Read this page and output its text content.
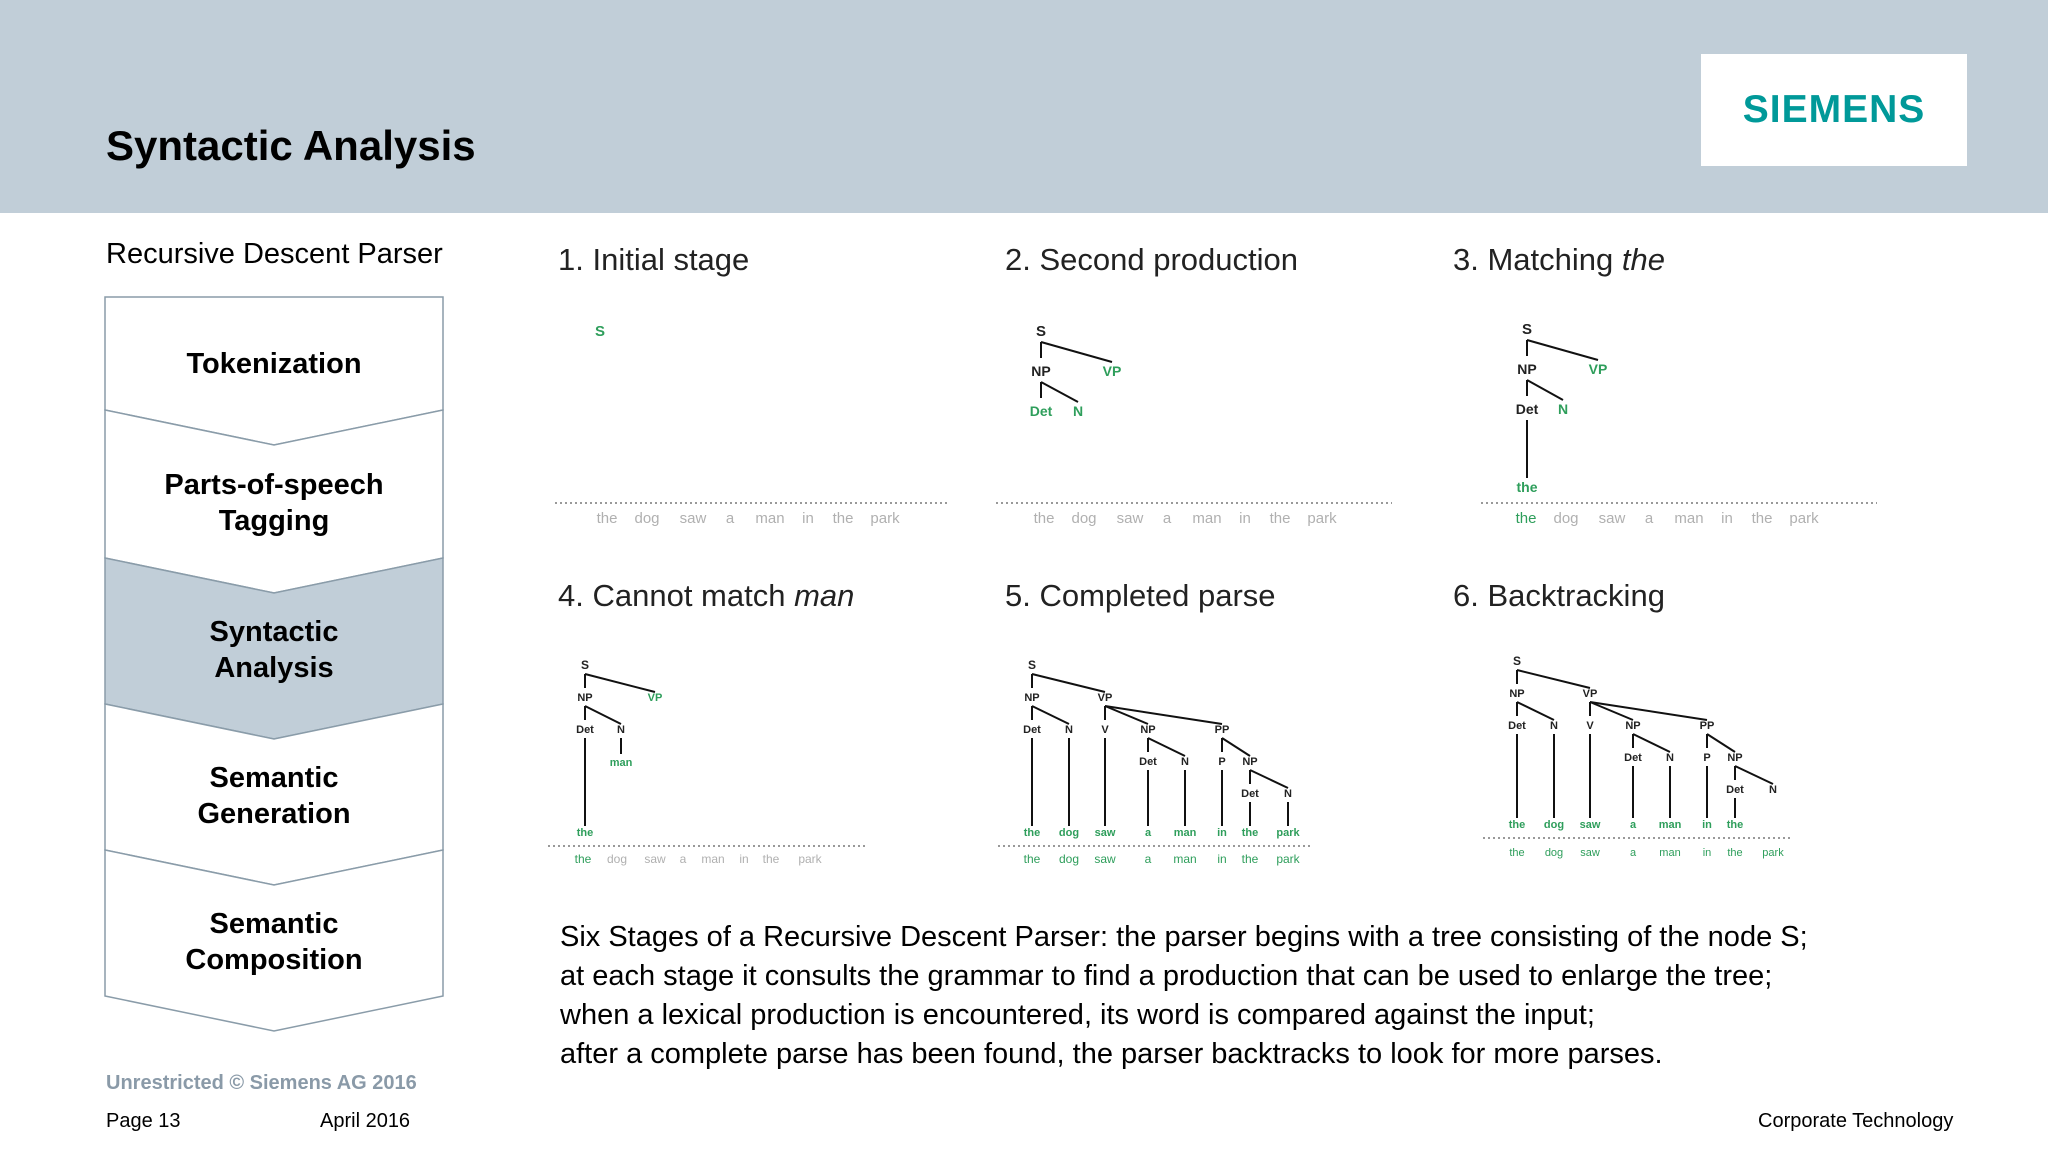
Syntactic Analysis
SIEMENS
Recursive Descent Parser
Tokenization
Parts-of-speech
Tagging
Syntactic
Analysis
Semantic
Generation
Semantic
Composition
1. Initial stage	2. Second production	3. Matching the
4. Cannot match man	5. Completed parse	6. Backtracking
S
the dog saw a man in the park
S
NP	VP
Det N
the dog saw a man in the park
S
NP	VP
Det N
the
the dog saw a man in the park
S
NP	VP
Det N
man
the
the dog saw a man in the park
S
NP	VP
Det N	V	NP	PP
Det N	P NP
Det N
the dog saw	a man in the park
the dog saw a man in the park
S
NP	VP
Det N	V	NP	PP
Det N	P NP
Det N
the dog saw	a man in the
the dog saw	a man in the park
Six Stages of a Recursive Descent Parser: the parser begins with a tree consisting of the node S;
at each stage it consults the grammar to find a production that can be used to enlarge the tree;
when a lexical production is encountered, its word is compared against the input;
after a complete parse has been found, the parser backtracks to look for more parses.
Unrestricted © Siemens AG 2016
Page 13	April 2016	Corporate Technology
